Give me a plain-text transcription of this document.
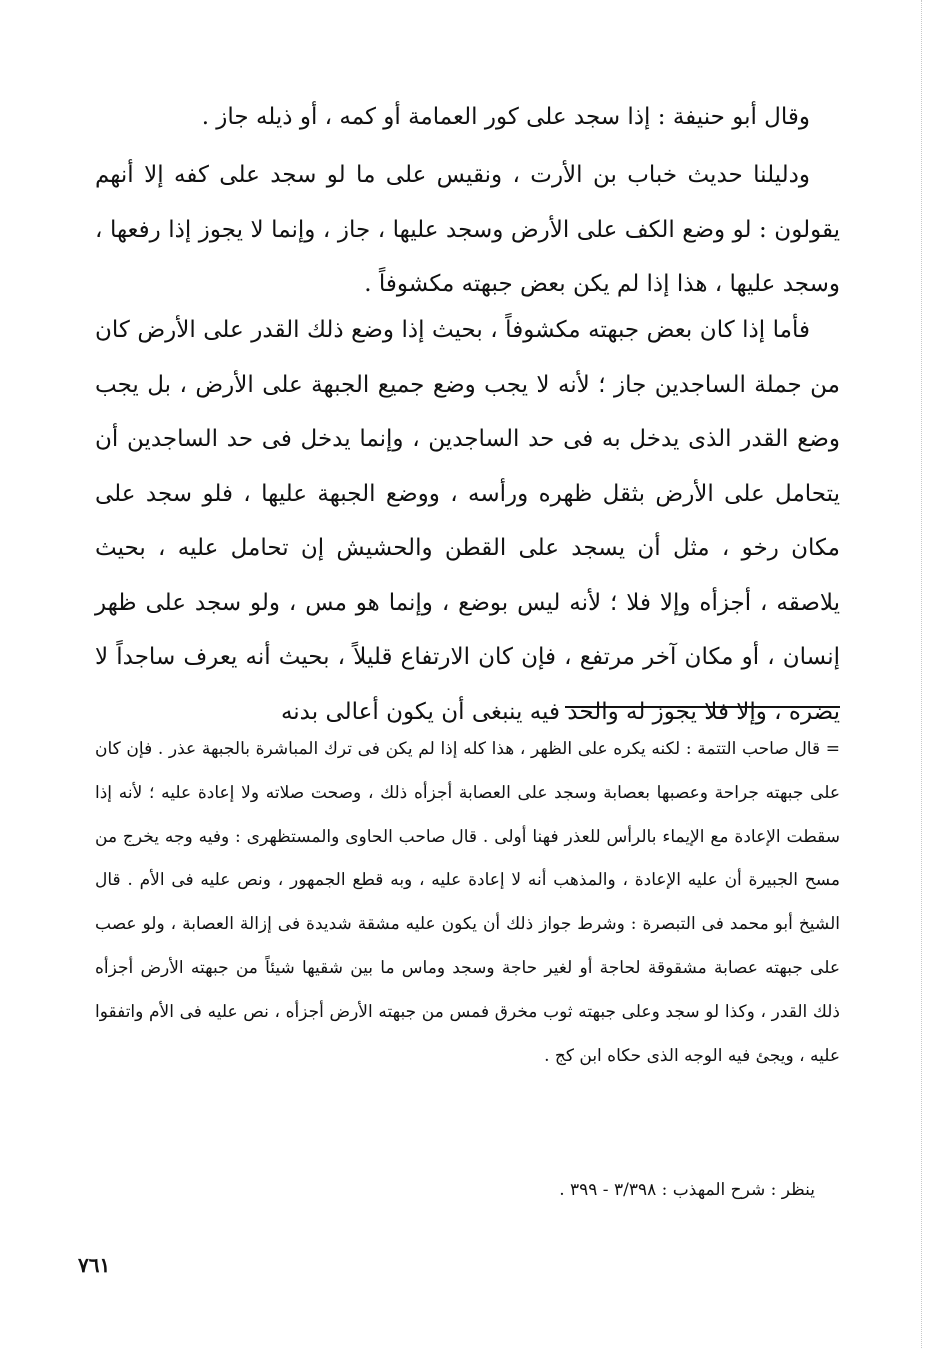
وقال أبو حنيفة : إذا سجد على كور العمامة أو كمه ، أو ذيله جاز .

ودليلنا حديث خباب بن الأرت ، ونقيس على ما لو سجد على كفه إلا أنهم يقولون : لو وضع الكف على الأرض وسجد عليها ، جاز ، وإنما لا يجوز إذا رفعها ، وسجد عليها ، هذا إذا لم يكن بعض جبهته مكشوفاً .

فأما إذا كان بعض جبهته مكشوفاً ، بحيث إذا وضع ذلك القدر على الأرض كان من جملة الساجدين جاز ؛ لأنه لا يجب وضع جميع الجبهة على الأرض ، بل يجب وضع القدر الذى يدخل به فى حد الساجدين ، وإنما يدخل فى حد الساجدين أن يتحامل على الأرض بثقل ظهره ورأسه ، ووضع الجبهة عليها ، فلو سجد على مكان رخو ، مثل أن يسجد على القطن والحشيش إن تحامل عليه ، بحيث يلاصقه ، أجزأه وإلا فلا ؛ لأنه ليس بوضع ، وإنما هو مس ، ولو سجد على ظهر إنسان ، أو مكان آخر مرتفع ، فإن كان الارتفاع قليلاً ، بحيث أنه يعرف ساجداً لا يضره ، وإلا فلا يجوز له والحد فيه ينبغى أن يكون أعالى بدنه

= قال صاحب التتمة : لكنه يكره على الظهر ، هذا كله إذا لم يكن فى ترك المباشرة بالجبهة عذر . فإن كان على جبهته جراحة وعصبها بعصابة وسجد على العصابة أجزأه ذلك ، وصحت صلاته ولا إعادة عليه ؛ لأنه إذا سقطت الإعادة مع الإيماء بالرأس للعذر فهنا أولى . قال صاحب الحاوى والمستظهرى : وفيه وجه يخرج من مسح الجبيرة أن عليه الإعادة ، والمذهب أنه لا إعادة عليه ، وبه قطع الجمهور ، ونص عليه فى الأم . قال الشيخ أبو محمد فى التبصرة : وشرط جواز ذلك أن يكون عليه مشقة شديدة فى إزالة العصابة ، ولو عصب على جبهته عصابة مشقوقة لحاجة أو لغير حاجة وسجد وماس ما بين شقيها شيئاً من جبهته الأرض أجزأه ذلك القدر ، وكذا لو سجد وعلى جبهته ثوب مخرق فمس من جبهته الأرض أجزأه ، نص عليه فى الأم واتفقوا عليه ، ويجئ فيه الوجه الذى حكاه ابن كج .

ينظر : شرح المهذب : ٣/٣٩٨ - ٣٩٩ .
٧٦١
